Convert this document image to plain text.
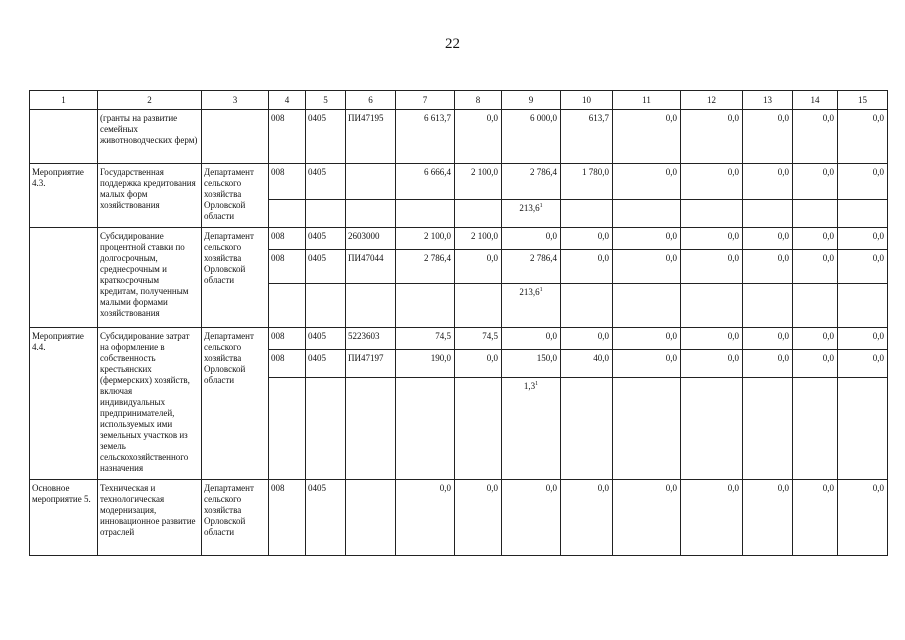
22
1	2	3	4	5	6	7	8	9	10	11	12	13	14	15
	(гранты на развитие семейных животноводческих ферм)		008	0405	ПИ47195	6 613,7	0,0	6 000,0	613,7	0,0	0,0	0,0	0,0	0,0
Мероприятие 4.3.	Государственная поддержка кредитования малых форм хозяйствования	Департамент сельского хозяйства Орловской области	008	0405		6 666,4	2 100,0	2 786,4	1 780,0	0,0	0,0	0,0	0,0	0,0
								213,6$^1$						
	Субсидирование процентной ставки по долгосрочным, среднесрочным и краткосрочным кредитам, полученным малыми формами хозяйствования	Департамент сельского хозяйства Орловской области	008	0405	2603000	2 100,0	2 100,0	0,0	0,0	0,0	0,0	0,0	0,0	0,0
			008	0405	ПИ47044	2 786,4	0,0	2 786,4	0,0	0,0	0,0	0,0	0,0	0,0
								213,6$^1$						
Мероприятие 4.4.	Субсидирование затрат на оформление в собственность крестьянских (фермерских) хозяйств, включая индивидуальных предпринимателей, используемых ими земельных участков из земель сельскохозяйственного назначения	Департамент сельского хозяйства Орловской области	008	0405	5223603	74,5	74,5	0,0	0,0	0,0	0,0	0,0	0,0	0,0
			008	0405	ПИ47197	190,0	0,0	150,0	40,0	0,0	0,0	0,0	0,0	0,0
								$1,3^1$						
Основное мероприятие 5.	Техническая и технологическая модернизация, инновационное развитие отраслей	Департамент сельского хозяйства Орловской области	008	0405		0,0	0,0	0,0	0,0	0,0	0,0	0,0	0,0	0,0
